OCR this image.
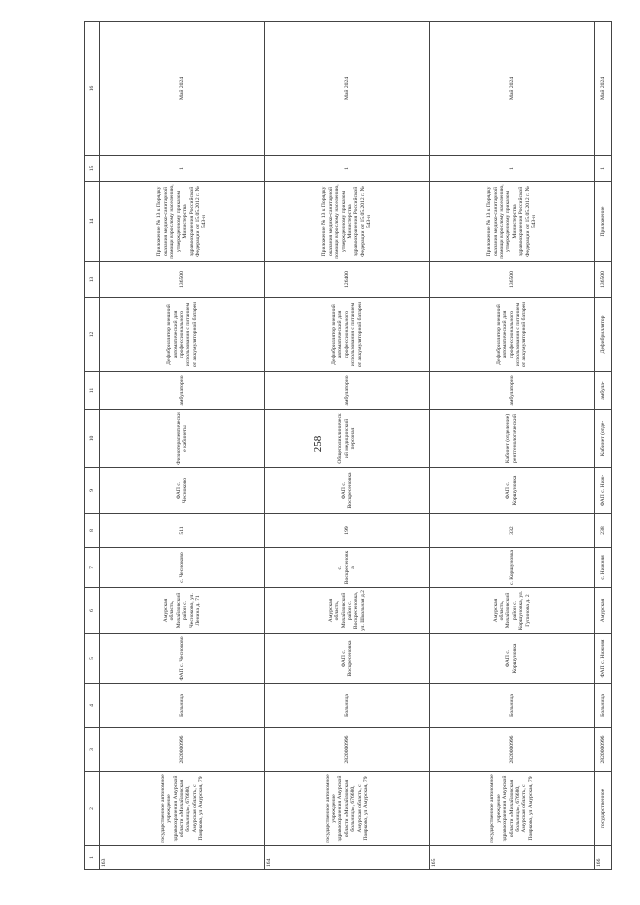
258
1	2	3	4	5	6	7	8	9	10	11	12	13	14	15	16
163	государственное автономное учреждение здравоохранения Амурской области «Михайловская больница», 676680, Амурская область, с Поярково, ул Амурская, 79	2820000996	Больница	ФАП с. Чесноково	Амурская область, Михайловский район с. Чесноково, ул. Ленина д. 71	с. Чесноково	511	ФАП с. Чесноково	Физиотерапевтические кабинеты	амбулаторно	Дефибриллятор внешний автоматический для профессионального использования с питанием от аккумуляторной батареи	136500	Приложение № 13 к Порядку оказания медико-санитарной помощи взрослому населению, утвержденному приказом Министерства здравоохранения Российской Федерации от 15.05.2012 г. № 543-н	1	Май 2024
164	государственное автономное учреждение здравоохранения Амурской области «Михайловская больница», 676680, Амурская область, с Поярково, ул Амурская, 79	2820000996	Больница	ФАП с. Воскресеновка	Амурская область, Михайловский район с. Воскресеновка, ул. Школьная д.2	с. Воскресеновка	199	ФАП с. Воскресеновка	Общеполиклинический медицинский персонал	амбулаторно	Дефибриллятор внешний автоматический для профессионального использования с питанием от аккумуляторной батареи	126400	Приложение № 13 к Порядку оказания медико-санитарной помощи взрослому населению, утвержденному приказом Министерства здравоохранения Российской Федерации от 15.05.2012 г. № 543-н	1	Май 2024
165	государственное автономное учреждение здравоохранения Амурской области «Михайловская больница», 676680, Амурская область, с Поярково, ул Амурская, 79	2820000996	Больница	ФАП с. Коршуновка	Амурская область, Михайловский район с. Коршуновка, ул. Гупинова д. 2	с. Коршуновка	332	ФАП с. Коршуновка	Кабинет (отделение) рентгенологический	амбулаторно	Дефибриллятор внешний автоматический для профессионального использования с питанием от аккумуляторной батареи	136500	Приложение № 13 к Порядку оказания медико-санитарной помощи взрослому населению, утвержденному приказом Министерства здравоохранения Российской Федерации от 15.05.2012 г. № 543-н	1	Май 2024
166	государственное	2820000996	Больница	ФАП с. Нижняя	Амурская	с. Нижняя	238	ФАП с. Ниж-	Кабинет (отде-	амбула-	Дефибриллятор	136500	Приложение	1	Май 2024
